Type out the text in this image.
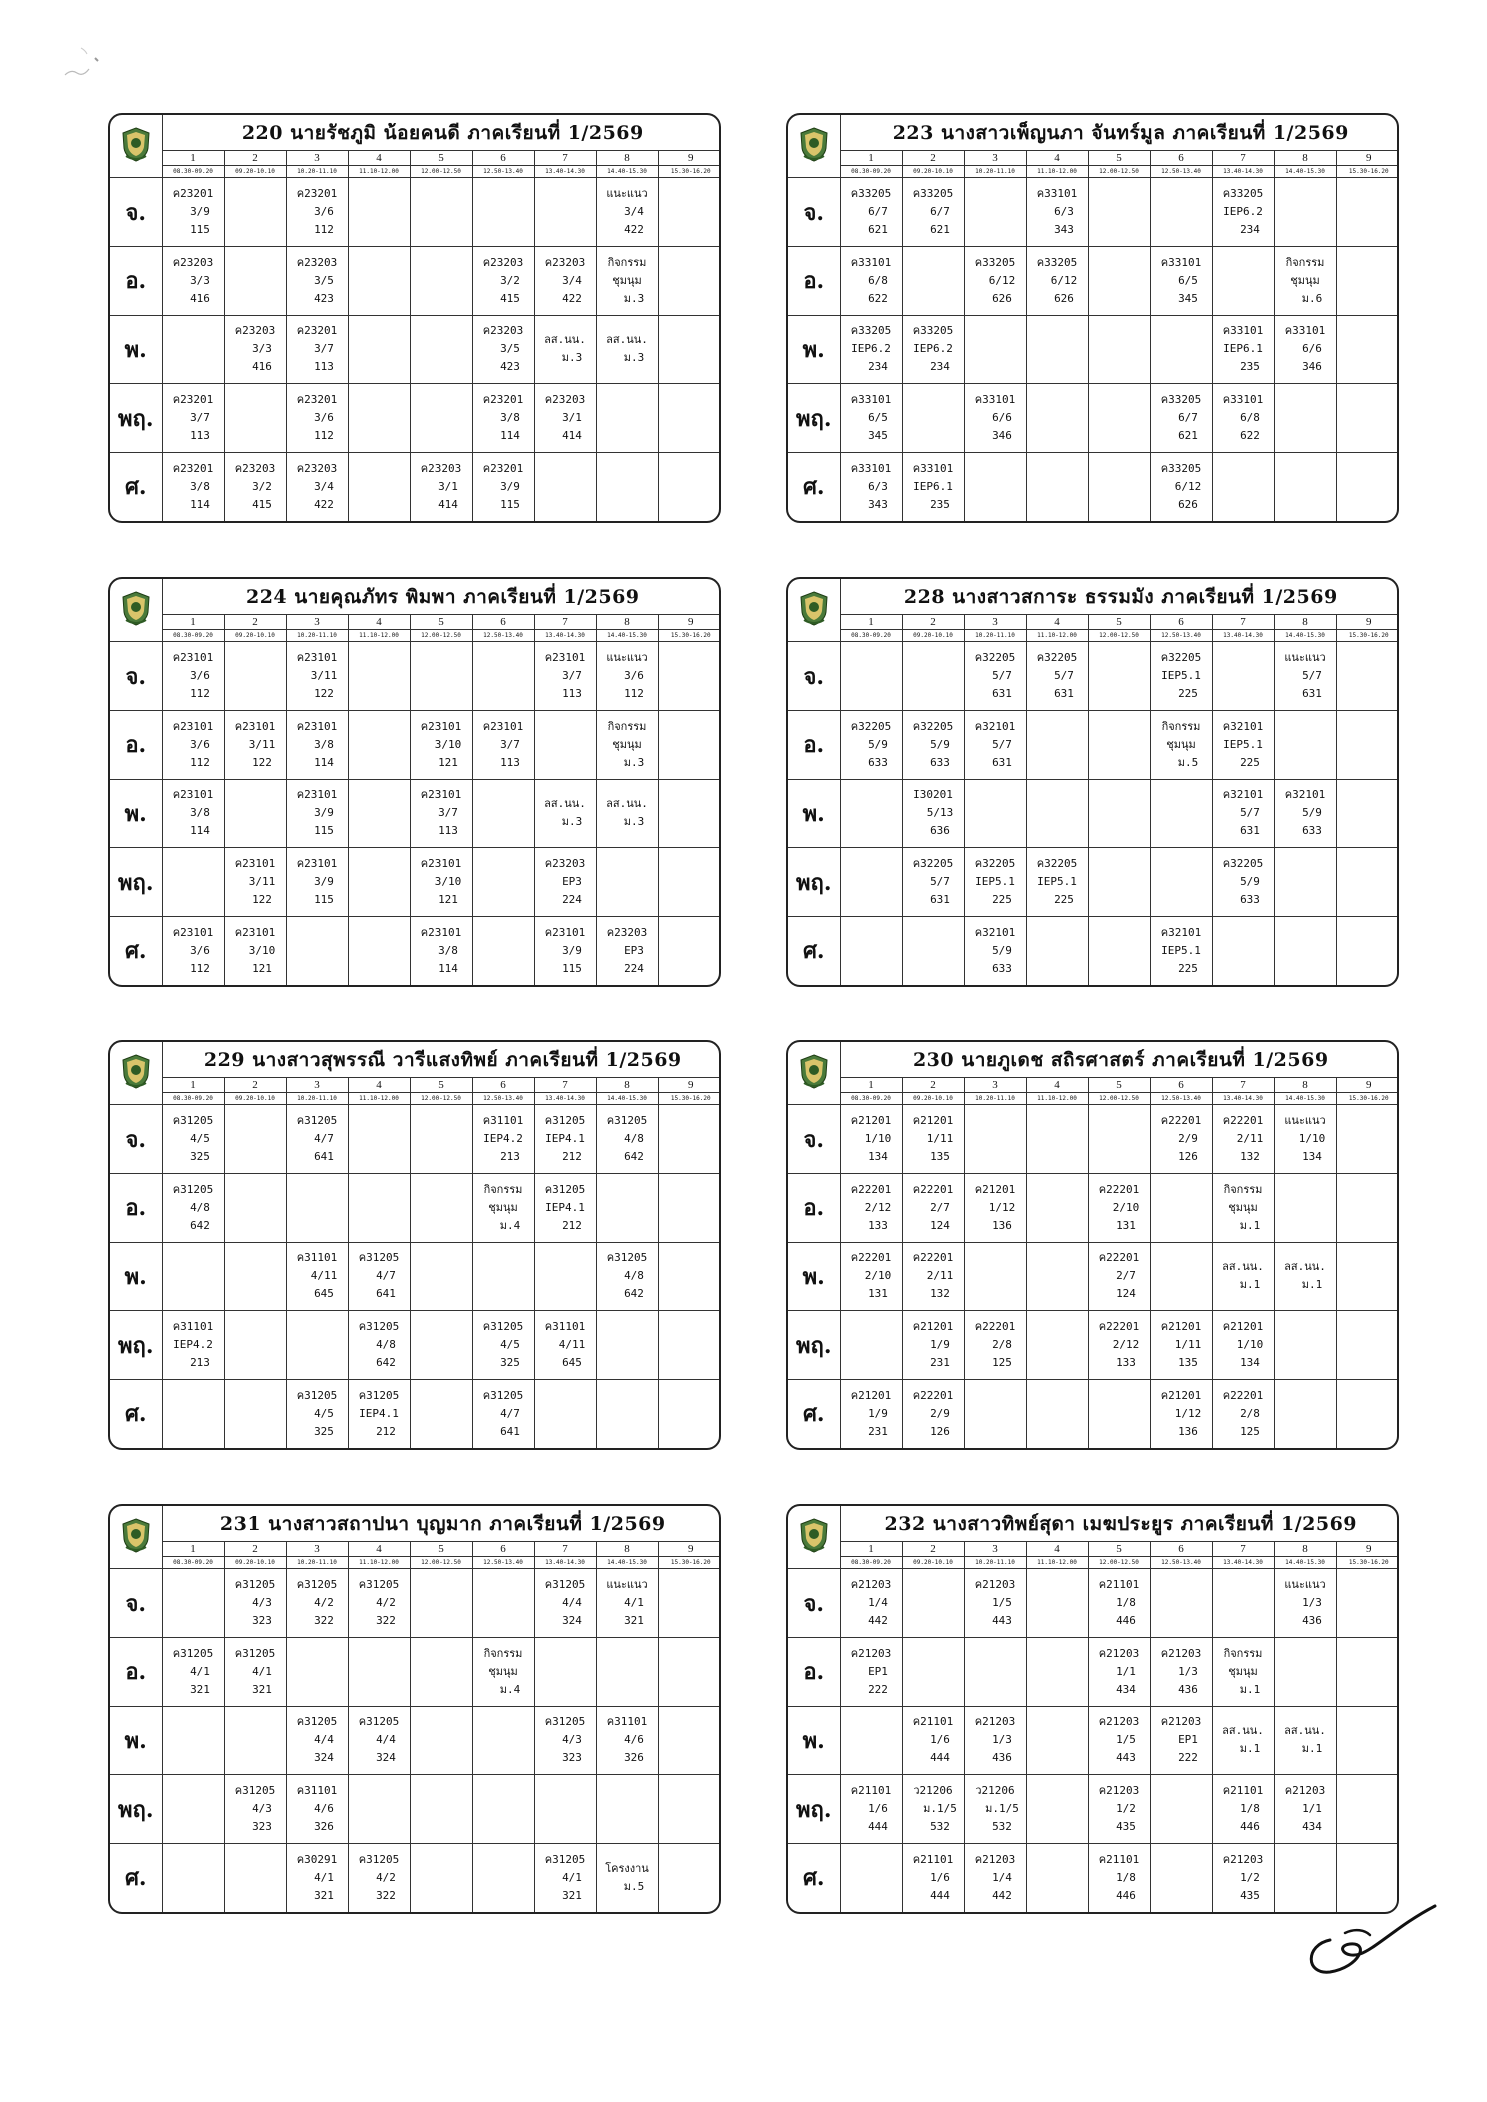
	220 นายรัชภูมิ น้อยคนดี ภาคเรียนที่ 1/2569								
	1	2	3	4	5	6	7	8	9
	08.30-09.20	09.20-10.10	10.20-11.10	11.10-12.00	12.00-12.50	12.50-13.40	13.40-14.30	14.40-15.30	15.30-16.20
จ.	ค23201
3/9
115		ค23201
3/6
112					แนะแนว
3/4
422	

อ.	ค23203
3/3
416		ค23203
3/5
423			ค23203
3/2
415	ค23203
3/4
422	กิจกรรม
ชุมนุม
ม.3	

พ.		ค23203
3/3
416	ค23201
3/7
113			ค23203
3/5
423	ลส.นน.
ม.3	ลส.นน.
ม.3	

พฤ.	ค23201
3/7
113		ค23201
3/6
112			ค23201
3/8
114	ค23203
3/1
414		

ศ.	ค23201
3/8
114	ค23203
3/2
415	ค23203
3/4
422		ค23203
3/1
414	ค23201
3/9
115			

	223 นางสาวเพ็ญนภา จันทร์มูล ภาคเรียนที่ 1/2569								
	1	2	3	4	5	6	7	8	9
	08.30-09.20	09.20-10.10	10.20-11.10	11.10-12.00	12.00-12.50	12.50-13.40	13.40-14.30	14.40-15.30	15.30-16.20
จ.	ค33205
6/7
621	ค33205
6/7
621		ค33101
6/3
343			ค33205
IEP6.2
234		

อ.	ค33101
6/8
622		ค33205
6/12
626	ค33205
6/12
626		ค33101
6/5
345		กิจกรรม
ชุมนุม
ม.6	

พ.	ค33205
IEP6.2
234	ค33205
IEP6.2
234					ค33101
IEP6.1
235	ค33101
6/6
346	

พฤ.	ค33101
6/5
345		ค33101
6/6
346			ค33205
6/7
621	ค33101
6/8
622		

ศ.	ค33101
6/3
343	ค33101
IEP6.1
235				ค33205
6/12
626			

	224 นายคุณภัทร พิมพา ภาคเรียนที่ 1/2569								
	1	2	3	4	5	6	7	8	9
	08.30-09.20	09.20-10.10	10.20-11.10	11.10-12.00	12.00-12.50	12.50-13.40	13.40-14.30	14.40-15.30	15.30-16.20
จ.	ค23101
3/6
112		ค23101
3/11
122				ค23101
3/7
113	แนะแนว
3/6
112	

อ.	ค23101
3/6
112	ค23101
3/11
122	ค23101
3/8
114		ค23101
3/10
121	ค23101
3/7
113		กิจกรรม
ชุมนุม
ม.3	

พ.	ค23101
3/8
114		ค23101
3/9
115		ค23101
3/7
113		ลส.นน.
ม.3	ลส.นน.
ม.3	

พฤ.		ค23101
3/11
122	ค23101
3/9
115		ค23101
3/10
121		ค23203
EP3
224		

ศ.	ค23101
3/6
112	ค23101
3/10
121			ค23101
3/8
114		ค23101
3/9
115	ค23203
EP3
224	

	228 นางสาวสการะ ธรรมมัง ภาคเรียนที่ 1/2569								
	1	2	3	4	5	6	7	8	9
	08.30-09.20	09.20-10.10	10.20-11.10	11.10-12.00	12.00-12.50	12.50-13.40	13.40-14.30	14.40-15.30	15.30-16.20
จ.			ค32205
5/7
631	ค32205
5/7
631		ค32205
IEP5.1
225		แนะแนว
5/7
631	

อ.	ค32205
5/9
633	ค32205
5/9
633	ค32101
5/7
631			กิจกรรม
ชุมนุม
ม.5	ค32101
IEP5.1
225		

พ.		I30201
5/13
636					ค32101
5/7
631	ค32101
5/9
633	

พฤ.		ค32205
5/7
631	ค32205
IEP5.1
225	ค32205
IEP5.1
225			ค32205
5/9
633		

ศ.			ค32101
5/9
633			ค32101
IEP5.1
225			

	229 นางสาวสุพรรณี วารีแสงทิพย์ ภาคเรียนที่ 1/2569								
	1	2	3	4	5	6	7	8	9
	08.30-09.20	09.20-10.10	10.20-11.10	11.10-12.00	12.00-12.50	12.50-13.40	13.40-14.30	14.40-15.30	15.30-16.20
จ.	ค31205
4/5
325		ค31205
4/7
641			ค31101
IEP4.2
213	ค31205
IEP4.1
212	ค31205
4/8
642	

อ.	ค31205
4/8
642					กิจกรรม
ชุมนุม
ม.4	ค31205
IEP4.1
212		

พ.			ค31101
4/11
645	ค31205
4/7
641				ค31205
4/8
642	

พฤ.	ค31101
IEP4.2
213			ค31205
4/8
642		ค31205
4/5
325	ค31101
4/11
645		

ศ.			ค31205
4/5
325	ค31205
IEP4.1
212		ค31205
4/7
641			

	230 นายภูเดช สถิรศาสตร์ ภาคเรียนที่ 1/2569								
	1	2	3	4	5	6	7	8	9
	08.30-09.20	09.20-10.10	10.20-11.10	11.10-12.00	12.00-12.50	12.50-13.40	13.40-14.30	14.40-15.30	15.30-16.20
จ.	ค21201
1/10
134	ค21201
1/11
135				ค22201
2/9
126	ค22201
2/11
132	แนะแนว
1/10
134	

อ.	ค22201
2/12
133	ค22201
2/7
124	ค21201
1/12
136		ค22201
2/10
131		กิจกรรม
ชุมนุม
ม.1		

พ.	ค22201
2/10
131	ค22201
2/11
132			ค22201
2/7
124		ลส.นน.
ม.1	ลส.นน.
ม.1	

พฤ.		ค21201
1/9
231	ค22201
2/8
125		ค22201
2/12
133	ค21201
1/11
135	ค21201
1/10
134		

ศ.	ค21201
1/9
231	ค22201
2/9
126				ค21201
1/12
136	ค22201
2/8
125		

	231 นางสาวสถาปนา บุญมาก ภาคเรียนที่ 1/2569								
	1	2	3	4	5	6	7	8	9
	08.30-09.20	09.20-10.10	10.20-11.10	11.10-12.00	12.00-12.50	12.50-13.40	13.40-14.30	14.40-15.30	15.30-16.20
จ.		ค31205
4/3
323	ค31205
4/2
322	ค31205
4/2
322			ค31205
4/4
324	แนะแนว
4/1
321	

อ.	ค31205
4/1
321	ค31205
4/1
321				กิจกรรม
ชุมนุม
ม.4			

พ.			ค31205
4/4
324	ค31205
4/4
324			ค31205
4/3
323	ค31101
4/6
326	

พฤ.		ค31205
4/3
323	ค31101
4/6
326						

ศ.			ค30291
4/1
321	ค31205
4/2
322			ค31205
4/1
321	โครงงาน
ม.5	

	232 นางสาวทิพย์สุดา เมฆประยูร ภาคเรียนที่ 1/2569								
	1	2	3	4	5	6	7	8	9
	08.30-09.20	09.20-10.10	10.20-11.10	11.10-12.00	12.00-12.50	12.50-13.40	13.40-14.30	14.40-15.30	15.30-16.20
จ.	ค21203
1/4
442		ค21203
1/5
443		ค21101
1/8
446			แนะแนว
1/3
436	

อ.	ค21203
EP1
222				ค21203
1/1
434	ค21203
1/3
436	กิจกรรม
ชุมนุม
ม.1		

พ.		ค21101
1/6
444	ค21203
1/3
436		ค21203
1/5
443	ค21203
EP1
222	ลส.นน.
ม.1	ลส.นน.
ม.1	

พฤ.	ค21101
1/6
444	ว21206
ม.1/5
532	ว21206
ม.1/5
532		ค21203
1/2
435		ค21101
1/8
446	ค21203
1/1
434	

ศ.		ค21101
1/6
444	ค21203
1/4
442		ค21101
1/8
446		ค21203
1/2
435		
